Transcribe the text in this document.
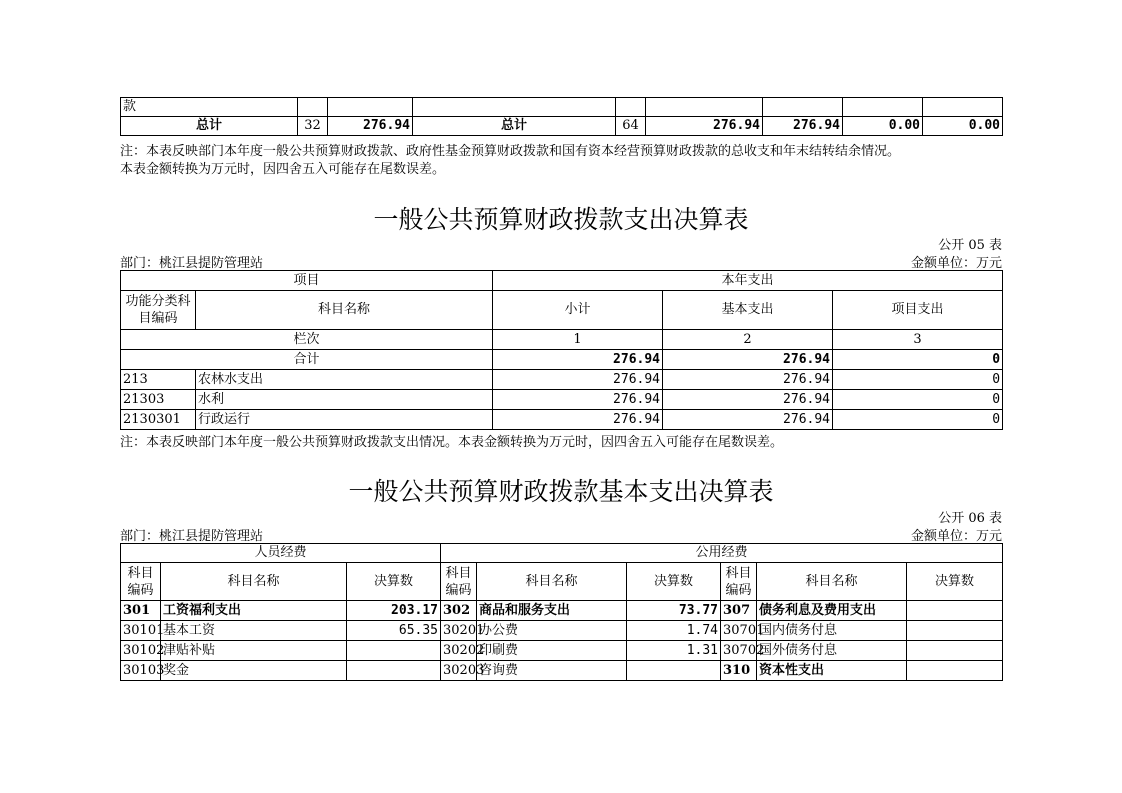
款								
总计	32	276.94	总计	64	276.94	276.94	0.00	0.00
注：本表反映部门本年度一般公共预算财政拨款、政府性基金预算财政拨款和国有资本经营预算财政拨款的总收支和年末结转结余情况。
本表金额转换为万元时，因四舍五入可能存在尾数误差。
一般公共预算财政拨款支出决算表
公开 05 表
部门：桃江县提防管理站	金额单位：万元
项目		本年支出		
功能分类科目编码	科目名称	小计	基本支出	项目支出
栏次		1	2	3
合计		276.94	276.94	0
213	农林水支出	276.94	276.94	0
21303	水利	276.94	276.94	0
2130301	行政运行	276.94	276.94	0
注：本表反映部门本年度一般公共预算财政拨款支出情况。本表金额转换为万元时，因四舍五入可能存在尾数误差。
一般公共预算财政拨款基本支出决算表
公开 06 表
部门：桃江县提防管理站	金额单位：万元
人员经费			公用经费					
科目编码	科目名称	决算数	科目编码	科目名称	决算数	科目编码	科目名称	决算数
301	工资福利支出	203.17	302	商品和服务支出	73.77	307	债务利息及费用支出	
30101	基本工资	65.35	30201	办公费	1.74	30701	国内债务付息	
30102	津贴补贴		30202	印刷费	1.31	30702	国外债务付息	
30103	奖金		30203	咨询费		310	资本性支出	
